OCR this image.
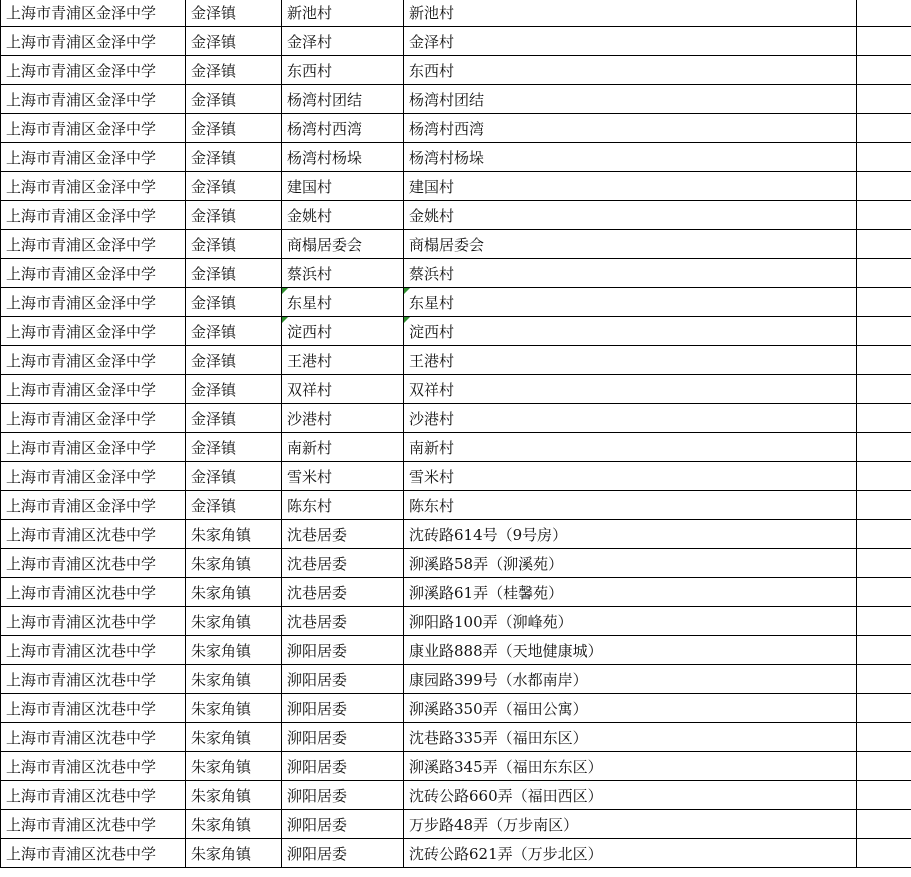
上海市青浦区金泽中学	金泽镇	新池村	新池村	
上海市青浦区金泽中学	金泽镇	金泽村	金泽村	
上海市青浦区金泽中学	金泽镇	东西村	东西村	
上海市青浦区金泽中学	金泽镇	杨湾村团结	杨湾村团结	
上海市青浦区金泽中学	金泽镇	杨湾村西湾	杨湾村西湾	
上海市青浦区金泽中学	金泽镇	杨湾村杨垛	杨湾村杨垛	
上海市青浦区金泽中学	金泽镇	建国村	建国村	
上海市青浦区金泽中学	金泽镇	金姚村	金姚村	
上海市青浦区金泽中学	金泽镇	商榻居委会	商榻居委会	
上海市青浦区金泽中学	金泽镇	蔡浜村	蔡浜村	
上海市青浦区金泽中学	金泽镇	东星村	东星村	
上海市青浦区金泽中学	金泽镇	淀西村	淀西村	
上海市青浦区金泽中学	金泽镇	王港村	王港村	
上海市青浦区金泽中学	金泽镇	双祥村	双祥村	
上海市青浦区金泽中学	金泽镇	沙港村	沙港村	
上海市青浦区金泽中学	金泽镇	南新村	南新村	
上海市青浦区金泽中学	金泽镇	雪米村	雪米村	
上海市青浦区金泽中学	金泽镇	陈东村	陈东村	
上海市青浦区沈巷中学	朱家角镇	沈巷居委	沈砖路614号（9号房）	
上海市青浦区沈巷中学	朱家角镇	沈巷居委	泖溪路58弄（泖溪苑）	
上海市青浦区沈巷中学	朱家角镇	沈巷居委	泖溪路61弄（桂馨苑）	
上海市青浦区沈巷中学	朱家角镇	沈巷居委	泖阳路100弄（泖峰苑）	
上海市青浦区沈巷中学	朱家角镇	泖阳居委	康业路888弄（天地健康城）	
上海市青浦区沈巷中学	朱家角镇	泖阳居委	康园路399号（水都南岸）	
上海市青浦区沈巷中学	朱家角镇	泖阳居委	泖溪路350弄（福田公寓）	
上海市青浦区沈巷中学	朱家角镇	泖阳居委	沈巷路335弄（福田东区）	
上海市青浦区沈巷中学	朱家角镇	泖阳居委	泖溪路345弄（福田东东区）	
上海市青浦区沈巷中学	朱家角镇	泖阳居委	沈砖公路660弄（福田西区）	
上海市青浦区沈巷中学	朱家角镇	泖阳居委	万步路48弄（万步南区）	
上海市青浦区沈巷中学	朱家角镇	泖阳居委	沈砖公路621弄（万步北区）	
